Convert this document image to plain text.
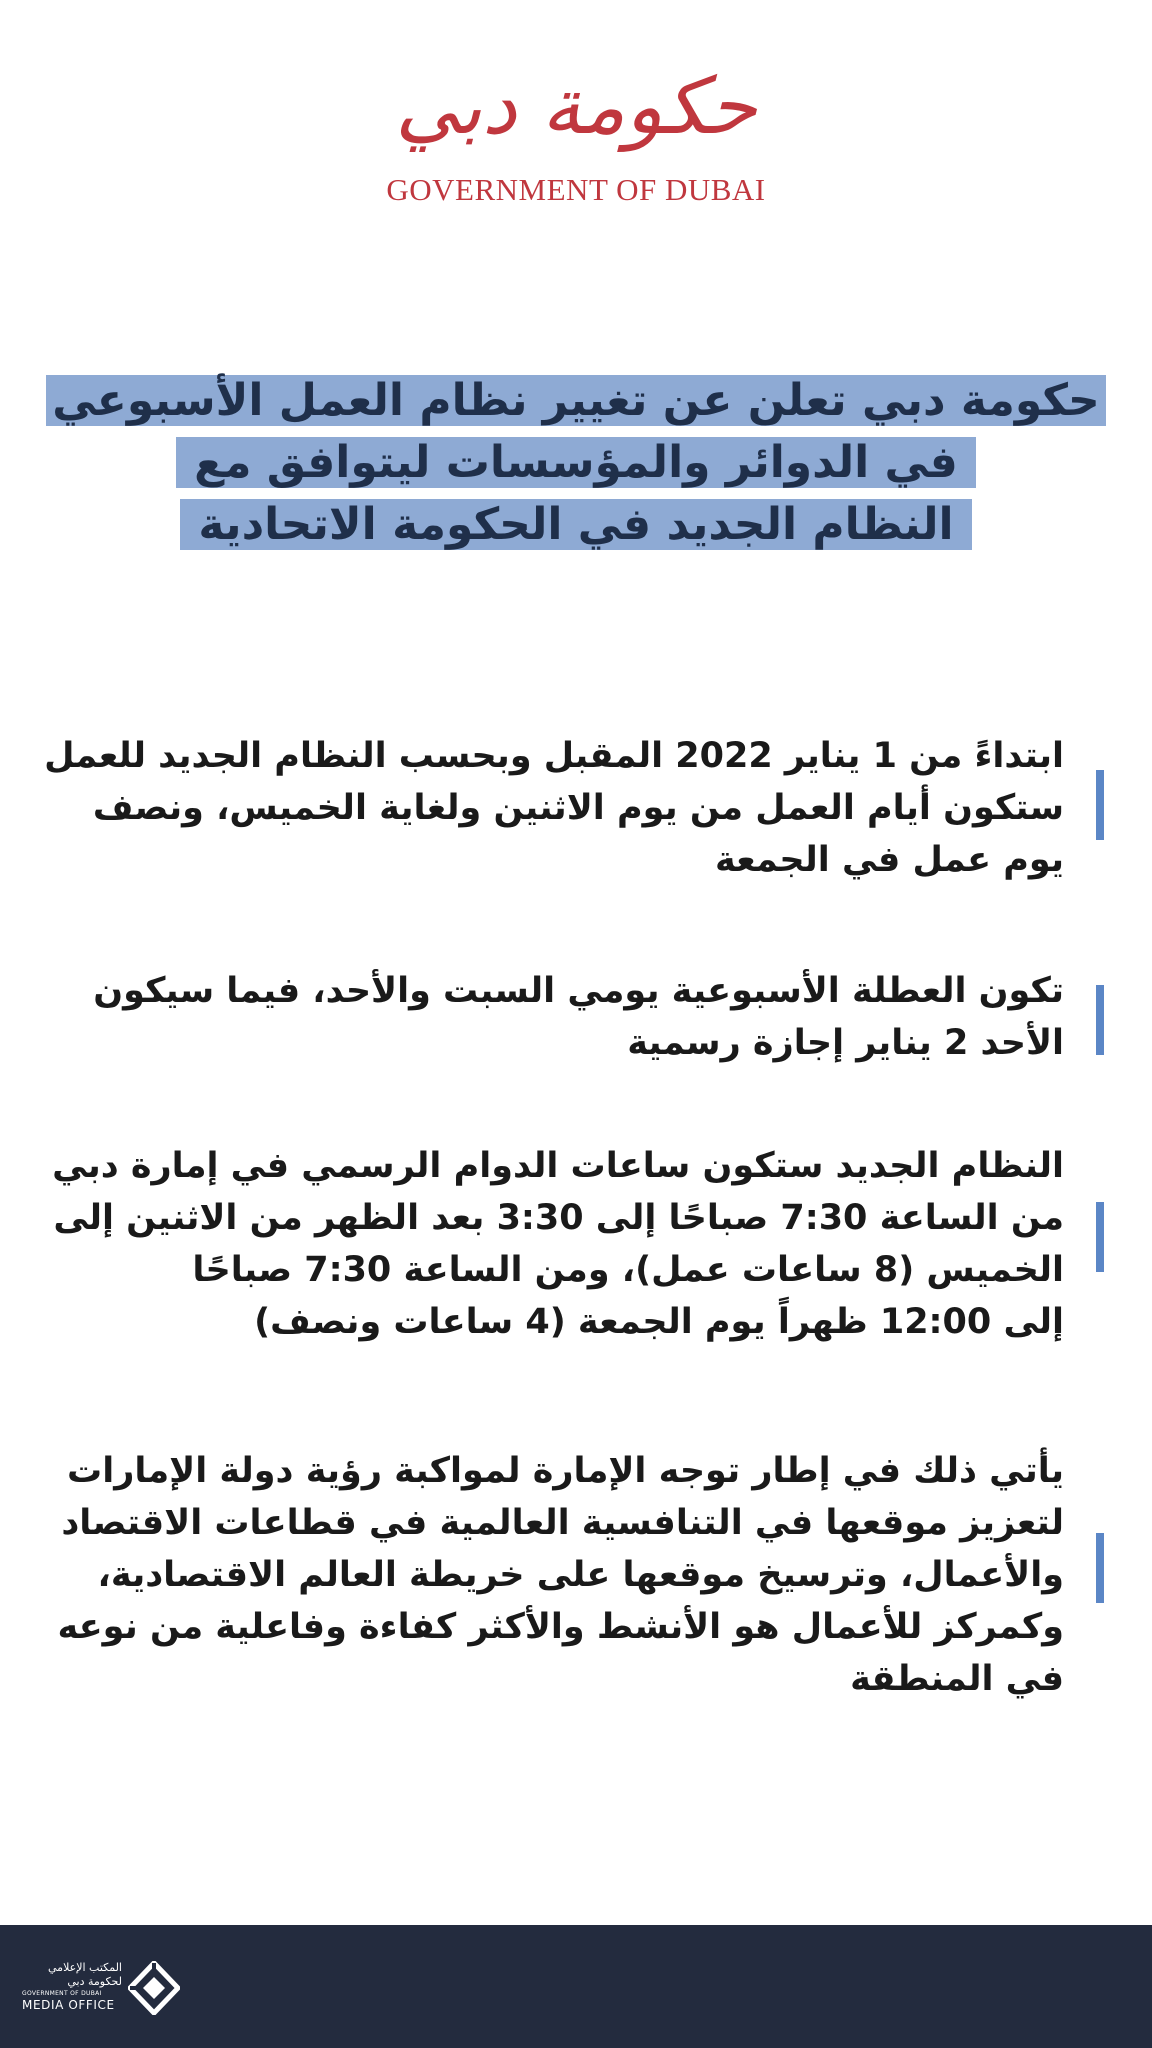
حكومة دبي
GOVERNMENT OF DUBAI
حكومة دبي تعلن عن تغيير نظام العمل الأسبوعي
في الدوائر والمؤسسات ليتوافق مع
النظام الجديد في الحكومة الاتحادية
ابتداءً من 1 يناير 2022 المقبل وبحسب النظام الجديد للعمل
ستكون أيام العمل من يوم الاثنين ولغاية الخميس، ونصف
يوم عمل في الجمعة
تكون العطلة الأسبوعية يومي السبت والأحد، فيما سيكون
الأحد 2 يناير إجازة رسمية
النظام الجديد ستكون ساعات الدوام الرسمي في إمارة دبي
من الساعة 7:30 صباحًا إلى 3:30 بعد الظهر من الاثنين إلى
الخميس (8 ساعات عمل)، ومن الساعة 7:30 صباحًا
إلى 12:00 ظهراً يوم الجمعة (4 ساعات ونصف)
يأتي ذلك في إطار توجه الإمارة لمواكبة رؤية دولة الإمارات
لتعزيز موقعها في التنافسية العالمية في قطاعات الاقتصاد
والأعمال، وترسيخ موقعها على خريطة العالم الاقتصادية،
وكمركز للأعمال هو الأنشط والأكثر كفاءة وفاعلية من نوعه
في المنطقة
المكتب الإعلامي
لحكومة دبي
GOVERNMENT OF DUBAI
MEDIA OFFICE
